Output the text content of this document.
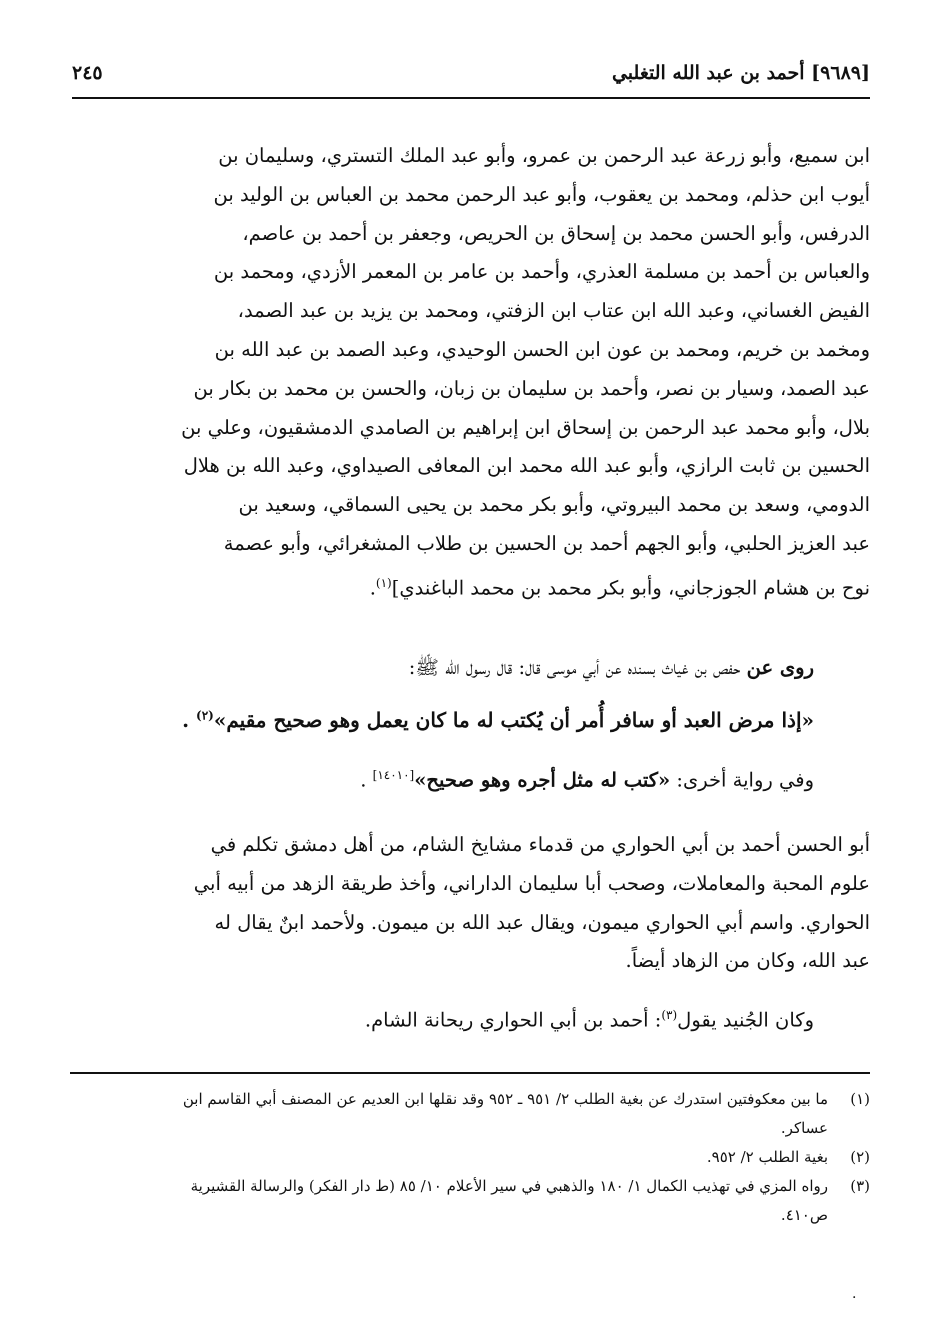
[٩٦٨٩] أحمد بن عبد الله التغلبي
٢٤٥
ابن سميع، وأبو زرعة عبد الرحمن بن عمرو، وأبو عبد الملك التستري، وسليمان بن
أيوب ابن حذلم، ومحمد بن يعقوب، وأبو عبد الرحمن محمد بن العباس بن الوليد بن
الدرفس، وأبو الحسن محمد بن إسحاق بن الحريص، وجعفر بن أحمد بن عاصم،
والعباس بن أحمد بن مسلمة العذري، وأحمد بن عامر بن المعمر الأزدي، ومحمد بن
الفيض الغساني، وعبد الله ابن عتاب ابن الزفتي، ومحمد بن يزيد بن عبد الصمد،
ومخمد بن خريم، ومحمد بن عون ابن الحسن الوحيدي، وعبد الصمد بن عبد الله بن
عبد الصمد، وسيار بن نصر، وأحمد بن سليمان بن زبان، والحسن بن محمد بن بكار بن
بلال، وأبو محمد عبد الرحمن بن إسحاق ابن إبراهيم بن الصامدي الدمشقيون، وعلي بن
الحسين بن ثابت الرازي، وأبو عبد الله محمد ابن المعافى الصيداوي، وعبد الله بن هلال
الدومي، وسعد بن محمد البيروتي، وأبو بكر محمد بن يحيى السماقي، وسعيد بن
عبد العزيز الحلبي، وأبو الجهم أحمد بن الحسين بن طلاب المشغرائي، وأبو عصمة
نوح بن هشام الجوزجاني، وأبو بكر محمد بن محمد الباغندي]$^{(١)}$.
روى عن حفص بن غياث بسنده عن أبي موسى قال: قال رسول الله ﷺ:
«إذا مرض العبد أو سافر أُمر أن يُكتب له ما كان يعمل وهو صحيح مقيم»$^{(٢)}$ .
وفي رواية أخرى: «كتب له مثل أجره وهو صحيح»[١٤٠١٠] .
أبو الحسن أحمد بن أبي الحواري من قدماء مشايخ الشام، من أهل دمشق تكلم في
علوم المحبة والمعاملات، وصحب أبا سليمان الداراني، وأخذ طريقة الزهد من أبيه أبي
الحواري. واسم أبي الحواري ميمون، ويقال عبد الله بن ميمون. ولأحمد ابنٌ يقال له
عبد الله، وكان من الزهاد أيضاً.
وكان الجُنيد يقول$^{(٣)}$: أحمد بن أبي الحواري ريحانة الشام.
(١)
ما بين معكوفتين استدرك عن بغية الطلب ٢/ ٩٥١ ـ ٩٥٢ وقد نقلها ابن العديم عن المصنف أبي القاسم ابن
عساكر.
(٢)
بغية الطلب ٢/ ٩٥٢.
(٣)
رواه المزي في تهذيب الكمال ١/ ١٨٠ والذهبي في سير الأعلام ١٠/ ٨٥ (ط دار الفكر) والرسالة القشيرية
ص٤١٠.
·
